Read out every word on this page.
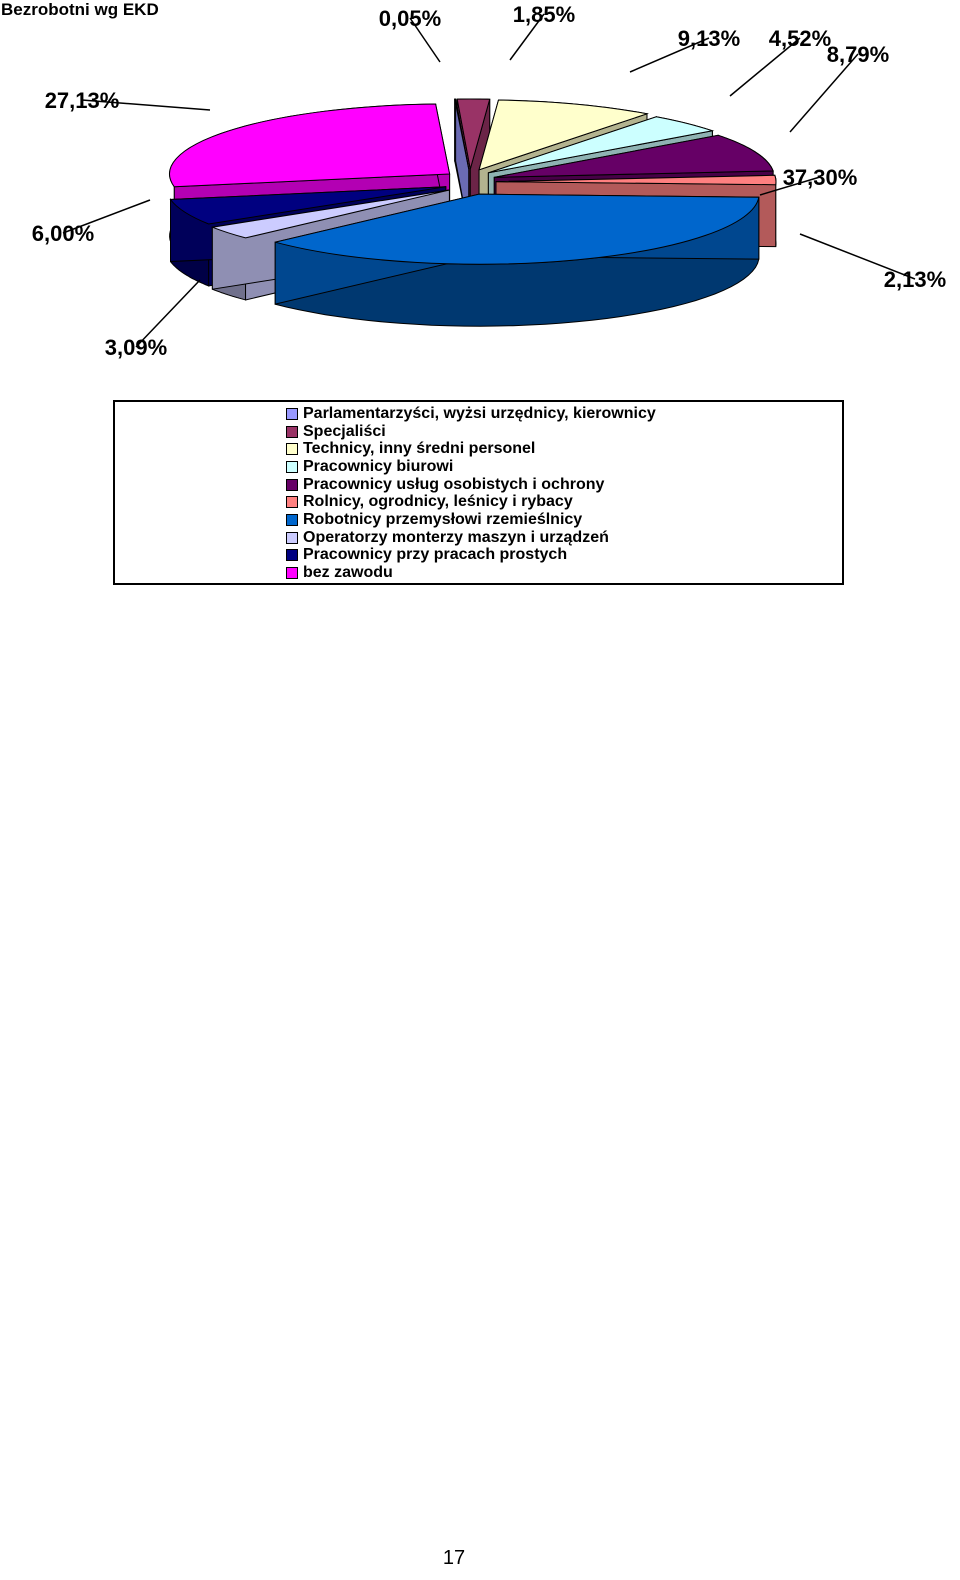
Bezrobotni wg EKD	0,05%	1,85%
9,13% 4,52%
8,79%
2,13%
37,30%
3,09%
6,00%
27,13%
Parlamentarzyści, wyżsi urzędnicy, kierownicy
Specjaliści
Technicy, inny średni personel
Pracownicy biurowi
Pracownicy usług osobistych i ochrony
Rolnicy, ogrodnicy, leśnicy i rybacy
Robotnicy przemysłowi rzemieślnicy
Operatorzy monterzy maszyn i urządzeń
Pracownicy przy pracach prostych
bez zawodu
17
